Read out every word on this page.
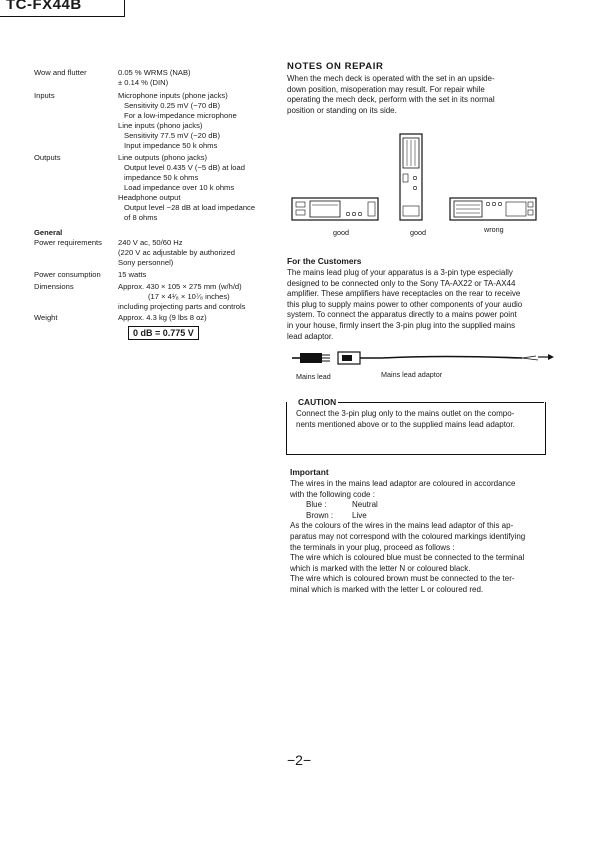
TC-FX44B
Wow and flutter	0.05 % WRMS (NAB)
± 0.14 % (DIN)
Inputs	Microphone inputs (phone jacks)
Sensitivity 0.25 mV (−70 dB)
For a low-impedance microphone
Line inputs (phono jacks)
Sensitivity 77.5 mV (−20 dB)
Input impedance 50 k ohms
Outputs	Line outputs (phono jacks)
Output level 0.435 V (−5 dB) at load
impedance 50 k ohms
Load impedance over 10 k ohms
Headphone output
Output level −28 dB at load impedance
of 8 ohms
General
Power requirements 240 V ac, 50/60 Hz
(220 V ac adjustable by authorized
Sony personnel)
Power consumption 15 watts
Dimensions	Approx. 430 × 105 × 275 mm (w/h/d)
(17 × 4¹⁄₈ × 10⁷⁄₈ inches)
including projecting parts and controls
Weight	Approx. 4.3 kg (9 lbs 8 oz)
0 dB = 0.775 V
NOTES ON REPAIR
When the mech deck is operated with the set in an upside-
down position, misoperation may result. For repair while
operating the mech deck, perform with the set in its normal
position or standing on its side.
good	good	wrong
For the Customers
The mains lead plug of your apparatus is a 3-pin type especially
designed to be connected only to the Sony TA-AX22 or TA-AX44
amplifier. These amplifiers have receptacles on the rear to receive
this plug to supply mains power to other components of your audio
system. To connect the apparatus directly to a mains power point
in your house, firmly insert the 3-pin plug into the supplied mains
lead adaptor.
Mains lead	Mains lead adaptor
CAUTION
Connect the 3-pin plug only to the mains outlet on the compo-
nents mentioned above or to the supplied mains lead adaptor.
Important
The wires in the mains lead adaptor are coloured in accordance
with the following code :
Blue :	Neutral
Brown : Live
As the colours of the wires in the mains lead adaptor of this ap-
paratus may not correspond with the coloured markings identifying
the terminals in your plug, proceed as follows :
The wire which is coloured blue must be connected to the terminal
which is marked with the letter N or coloured black.
The wire which is coloured brown must be connected to the ter-
minal which is marked with the letter L or coloured red.
−2−
